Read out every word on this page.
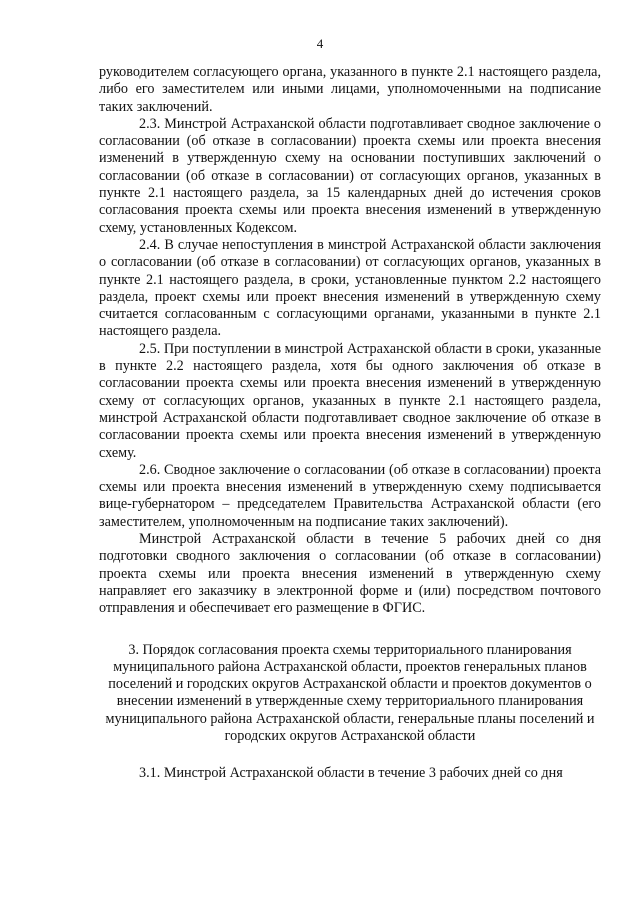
4

руководителем согласующего органа, указанного в пункте 2.1 настоящего раздела, либо его заместителем или иными лицами, уполномоченными на подписание таких заключений.

2.3. Минстрой Астраханской области подготавливает сводное заключение о согласовании (об отказе в согласовании) проекта схемы или проекта внесения изменений в утвержденную схему на основании поступивших заключений о согласовании (об отказе в согласовании) от согласующих органов, указанных в пункте 2.1 настоящего раздела, за 15 календарных дней до истечения сроков согласования проекта схемы или проекта внесения изменений в утвержденную схему, установленных Кодексом.

2.4. В случае непоступления в минстрой Астраханской области заключения о согласовании (об отказе в согласовании) от согласующих органов, указанных в пункте 2.1 настоящего раздела, в сроки, установленные пунктом 2.2 настоящего раздела, проект схемы или проект внесения изменений в утвержденную схему считается согласованным с согласующими органами, указанными в пункте 2.1 настоящего раздела.

2.5. При поступлении в минстрой Астраханской области в сроки, указанные в пункте 2.2 настоящего раздела, хотя бы одного заключения об отказе в согласовании проекта схемы или проекта внесения изменений в утвержденную схему от согласующих органов, указанных в пункте 2.1 настоящего раздела, минстрой Астраханской области подготавливает сводное заключение об отказе в согласовании проекта схемы или проекта внесения изменений в утвержденную схему.

2.6. Сводное заключение о согласовании (об отказе в согласовании) проекта схемы или проекта внесения изменений в утвержденную схему подписывается вице-губернатором – председателем Правительства Астраханской области (его заместителем, уполномоченным на подписание таких заключений).

Минстрой Астраханской области в течение 5 рабочих дней со дня подготовки сводного заключения о согласовании (об отказе в согласовании) проекта схемы или проекта внесения изменений в утвержденную схему направляет его заказчику в электронной форме и (или) посредством почтового отправления и обеспечивает его размещение в ФГИС.

3. Порядок согласования проекта схемы территориального планирования муниципального района Астраханской области, проектов генеральных планов поселений и городских округов Астраханской области и проектов документов о внесении изменений в утвержденные схему территориального планирования муниципального района Астраханской области, генеральные планы поселений и городских округов Астраханской области

3.1. Минстрой Астраханской области в течение 3 рабочих дней со дня
